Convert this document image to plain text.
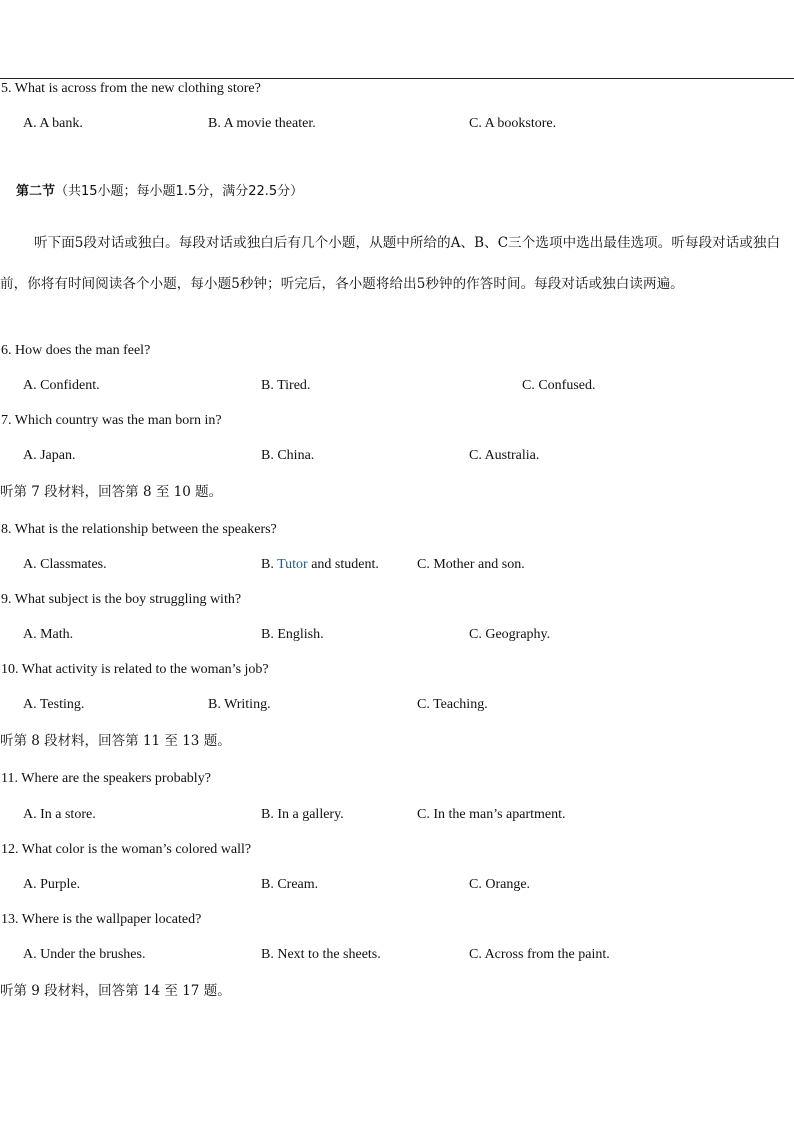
5. What is across from the new clothing store?
A. A bank.	B. A movie theater.	C. A bookstore.
第二节（共15小题；每小题1.5分，满分22.5分）

听下面5段对话或独白。每段对话或独白后有几个小题，从题中所给的A、B、C三个选项中选出最佳选项。听每段对话或独白前，你将有时间阅读各个小题，每小题5秒钟；听完后，各小题将给出5秒钟的作答时间。每段对话或独白读两遍。

6. How does the man feel?
A. Confident.	B. Tired.	C. Confused.
7. Which country was the man born in?
A. Japan.	B. China.	C. Australia.
听第 7 段材料，回答第 8 至 10 题。
8. What is the relationship between the speakers?
A. Classmates.	B. Tutor and student.	C. Mother and son.
9. What subject is the boy struggling with?
A. Math.	B. English.	C. Geography.
10. What activity is related to the woman’s job?
A. Testing.	B. Writing.	C. Teaching.
听第 8 段材料，回答第 11 至 13 题。
11. Where are the speakers probably?
A. In a store.	B. In a gallery.	C. In the man’s apartment.
12. What color is the woman’s colored wall?
A. Purple.	B. Cream.	C. Orange.
13. Where is the wallpaper located?
A. Under the brushes.	B. Next to the sheets.	C. Across from the paint.
听第 9 段材料，回答第 14 至 17 题。
